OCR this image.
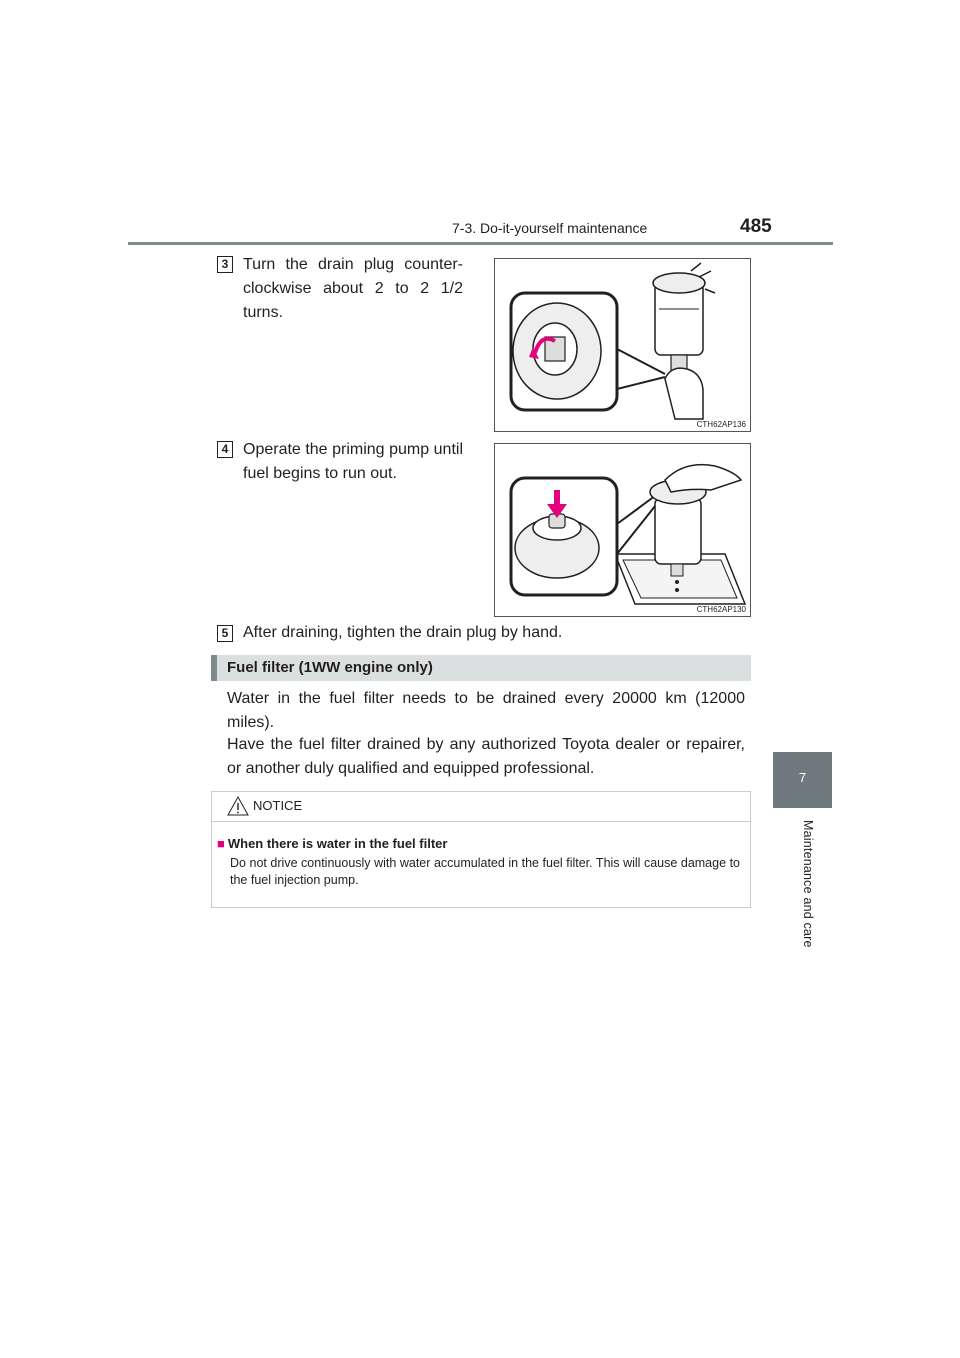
7-3. Do-it-yourself maintenance	485
7
Maintenance and care
3 Turn the drain plug counter-clockwise about 2 to 2 1/2 turns.
CTH62AP136
4 Operate the priming pump until fuel begins to run out.
CTH62AP130
5 After draining, tighten the drain plug by hand.
Fuel filter (1WW engine only)
Water in the fuel filter needs to be drained every 20000 km (12000 miles).
Have the fuel filter drained by any authorized Toyota dealer or repairer, or another duly qualified and equipped professional.
NOTICE
■ When there is water in the fuel filter
Do not drive continuously with water accumulated in the fuel filter. This will cause damage to the fuel injection pump.
